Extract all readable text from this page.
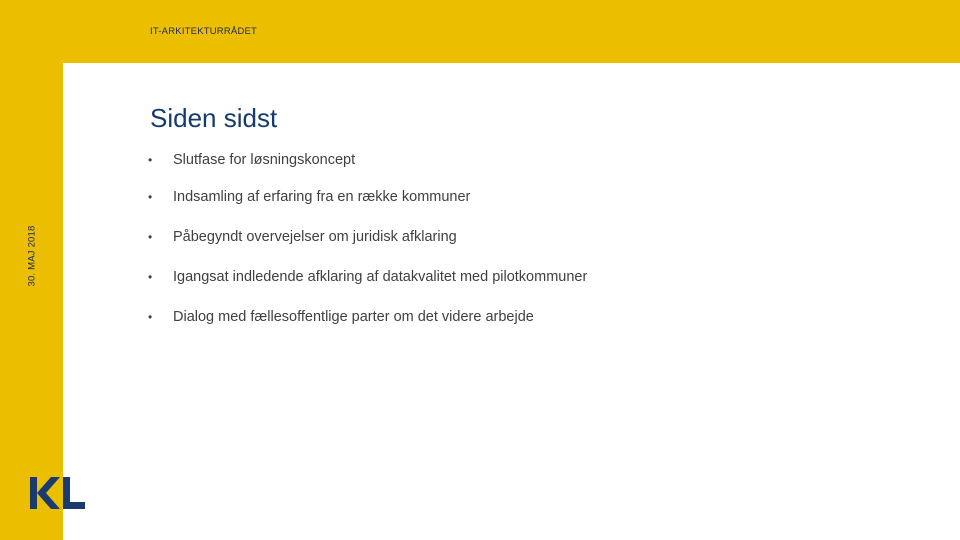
IT-ARKITEKTURRÅDET
30. MAJ 2018
Siden sidst
•	Slutfase for løsningskoncept
•	Indsamling af erfaring fra en række kommuner
•	Påbegyndt overvejelser om juridisk afklaring
•	Igangsat indledende afklaring af datakvalitet med pilotkommuner
•	Dialog med fællesoffentlige parter om det videre arbejde
